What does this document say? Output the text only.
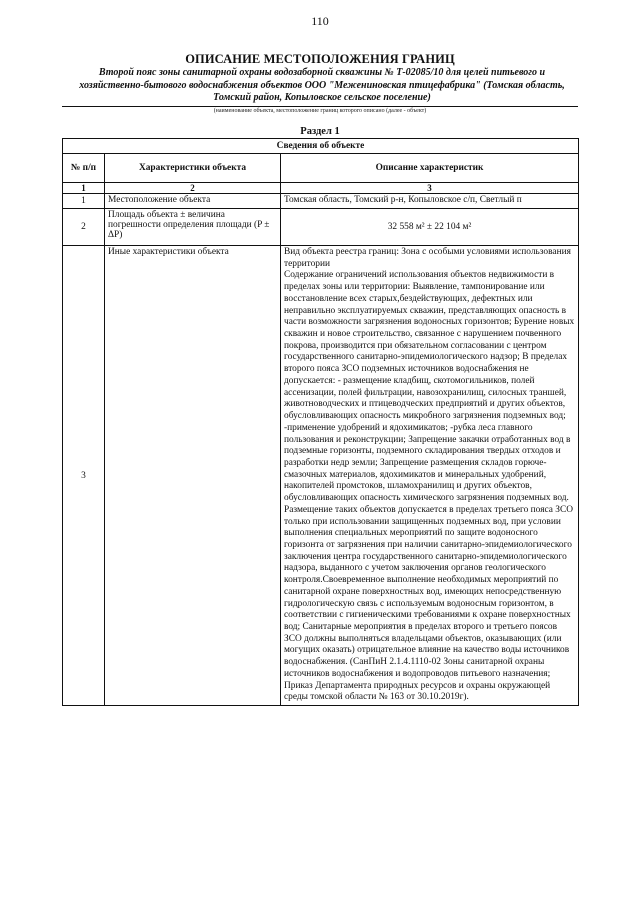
110
ОПИСАНИЕ МЕСТОПОЛОЖЕНИЯ ГРАНИЦ
Второй пояс зоны санитарной охраны водозаборной скважины № Т-02085/10 для целей питьевого и хозяйственно-бытового водоснабжения объектов ООО "Межениновская птицефабрика" (Томская область, Томский район, Копыловское сельское поселение)
(наименование объекта, местоположение границ которого описано (далее - объект)
Раздел 1
Сведения об объекте		
№ п/п	Характеристики объекта	Описание характеристик
1	2	3
1	Местоположение объекта	Томская область, Томский р-н, Копыловское с/п, Светлый п
2	Площадь объекта ± величина погрешности определения площади (P ± ΔP)	32 558 м² ± 22 104 м²
3	Иные характеристики объекта	Вид объекта реестра границ: Зона с особыми условиями использования территории
Содержание ограничений использования объектов недвижимости в пределах зоны или территории: Выявление, тампонирование или восстановление всех старых,бездействующих, дефектных или неправильно эксплуатируемых скважин, представляющих опасность в части возможности загрязнения водоносных горизонтов; Бурение новых скважин и новое строительство, связанное с нарушением почвенного покрова, производится при обязательном согласовании с центром государственного санитарно-эпидемиологического надзор; В пределах второго пояса ЗСО подземных источников водоснабжения не допускается: - размещение кладбищ, скотомогильников, полей ассенизации, полей фильтрации, навозохранилищ, силосных траншей, животноводческих и птицеводческих предприятий и других объектов, обусловливающих опасность микробного загрязнения подземных вод; -применение удобрений и ядохимикатов; -рубка леса главного пользования и реконструкции; Запрещение закачки отработанных вод в подземные горизонты, подземного складирования твердых отходов и разработки недр земли; Запрещение размещения складов горюче-смазочных материалов, ядохимикатов и минеральных удобрений, накопителей промстоков, шламохранилищ и других объектов, обусловливающих опасность химического загрязнения подземных вод. Размещение таких объектов допускается в пределах третьего пояса ЗСО только при использовании защищенных подземных вод, при условии выполнения специальных мероприятий по защите водоносного горизонта от загрязнения при наличии санитарно-эпидемиологического заключения центра государственного санитарно-эпидемиологического надзора, выданного с учетом заключения органов геологического контроля.Своевременное выполнение необходимых мероприятий по санитарной охране поверхностных вод, имеющих непосредственную гидрологическую связь с используемым водоносным горизонтом, в соответствии с гигиеническими требованиями к охране поверхностных вод; Санитарные мероприятия в пределах второго и третьего поясов ЗСО должны выполняться владельцами объектов, оказывающих (или могущих оказать) отрицательное влияние на качество воды источников водоснабжения. (СанПиН 2.1.4.1110-02 Зоны санитарной охраны источников водоснабжения и водопроводов питьевого назначения; Приказ Департамента природных ресурсов и охраны окружающей среды томской области № 163 от 30.10.2019г).
